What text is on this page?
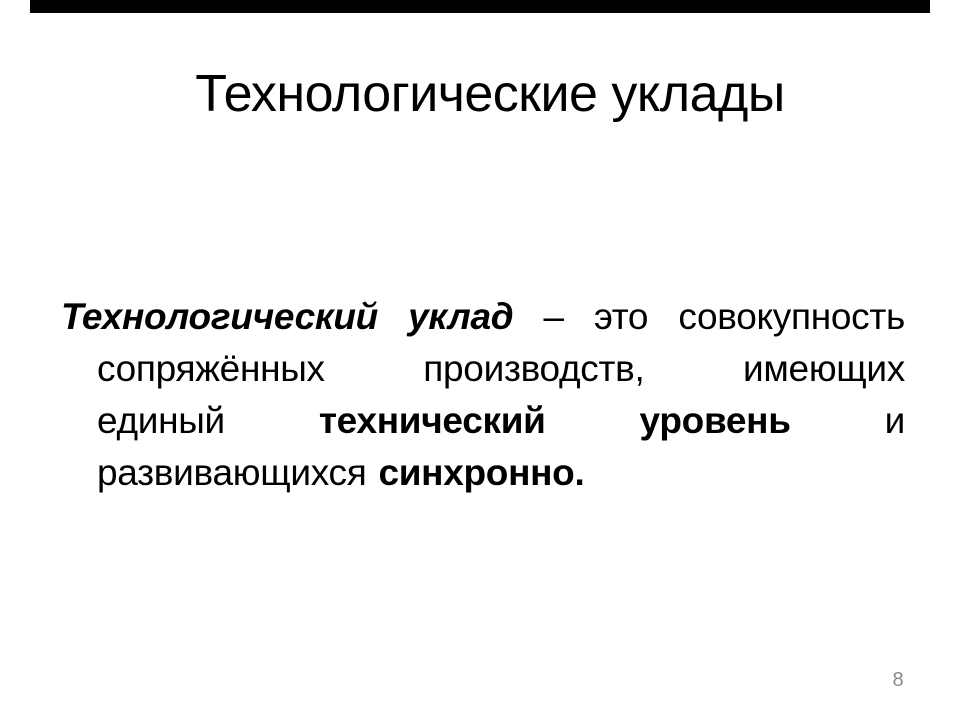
Технологические уклады
Технологический уклад – это совокупность
сопряжённых	производств,	имеющих
единый	технический	уровень	и
развивающихся синхронно.
8
